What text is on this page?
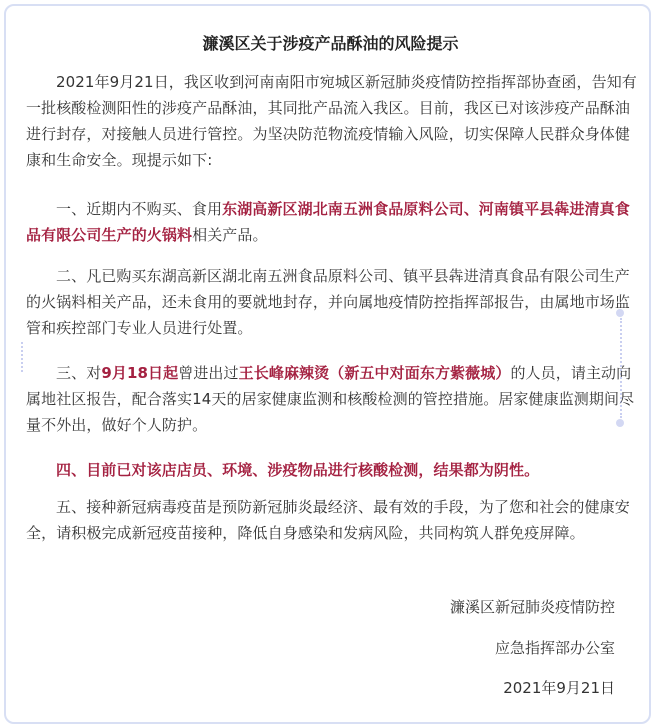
濂溪区关于涉疫产品酥油的风险提示
2021年9月21日，我区收到河南南阳市宛城区新冠肺炎疫情防控指挥部协查函，告知有一批核酸检测阳性的涉疫产品酥油，其同批产品流入我区。目前，我区已对该涉疫产品酥油进行封存，对接触人员进行管控。为坚决防范物流疫情输入风险，切实保障人民群众身体健康和生命安全。现提示如下:
一、近期内不购买、食用东湖高新区湖北南五洲食品原料公司、河南镇平县犇进清真食品有限公司生产的火锅料相关产品。
二、凡已购买东湖高新区湖北南五洲食品原料公司、镇平县犇进清真食品有限公司生产的火锅料相关产品，还未食用的要就地封存，并向属地疫情防控指挥部报告，由属地市场监管和疾控部门专业人员进行处置。
三、对9月18日起曾进出过王长峰麻辣烫（新五中对面东方紫薇城）的人员，请主动向属地社区报告，配合落实14天的居家健康监测和核酸检测的管控措施。居家健康监测期间尽量不外出，做好个人防护。
四、目前已对该店店员、环境、涉疫物品进行核酸检测，结果都为阴性。
五、接种新冠病毒疫苗是预防新冠肺炎最经济、最有效的手段，为了您和社会的健康安全，请积极完成新冠疫苗接种，降低自身感染和发病风险，共同构筑人群免疫屏障。
濂溪区新冠肺炎疫情防控
应急指挥部办公室
2021年9月21日
